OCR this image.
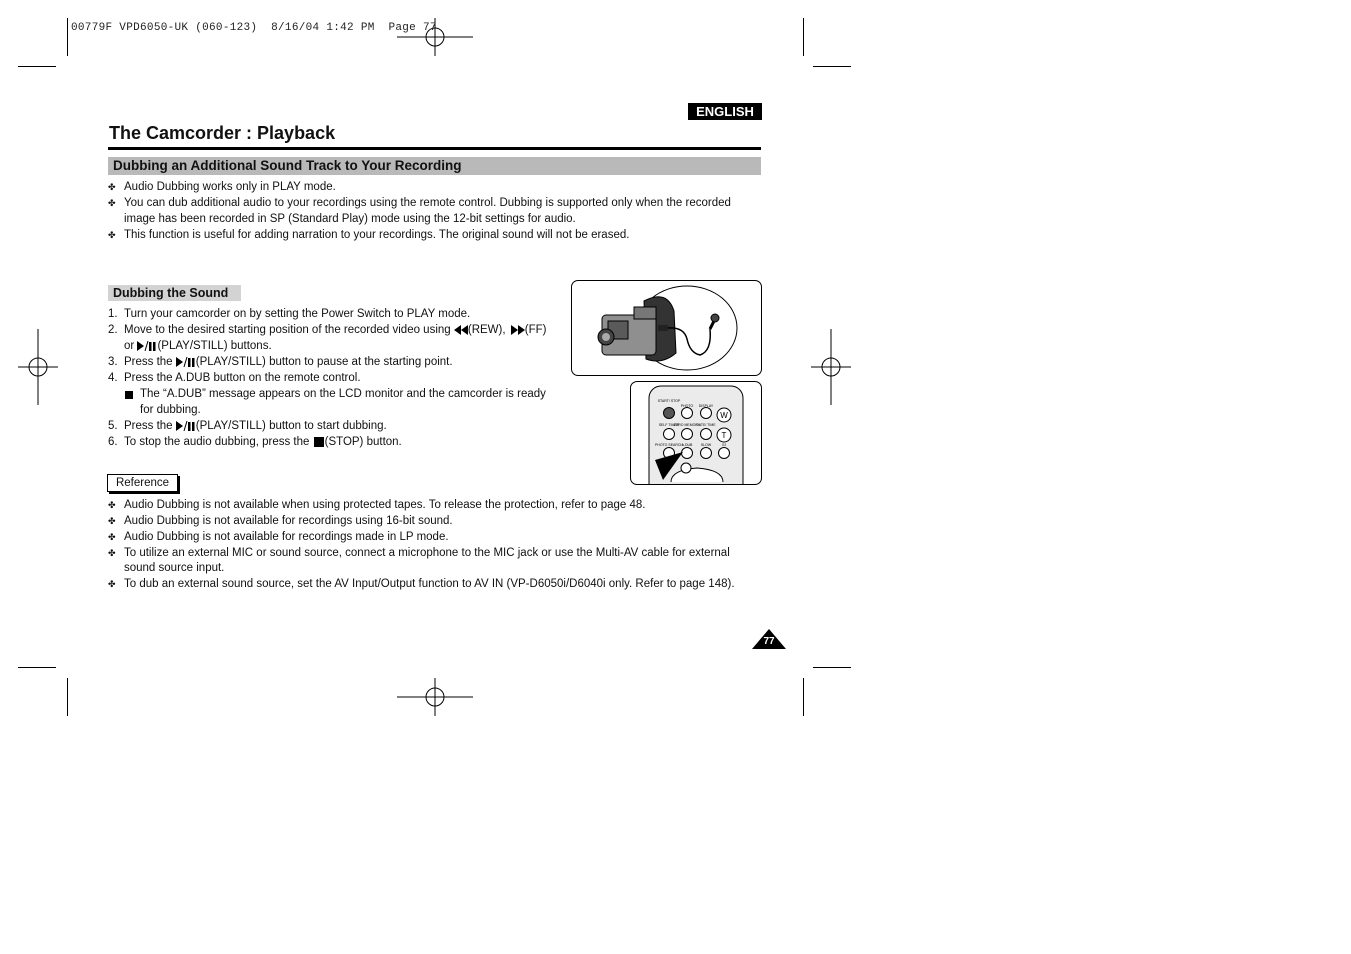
00779F VPD6050-UK (060-123)  8/16/04 1:42 PM  Page 77
ENGLISH
The Camcorder : Playback
Dubbing an Additional Sound Track to Your Recording
✤ Audio Dubbing works only in PLAY mode.
✤ You can dub additional audio to your recordings using the remote control. Dubbing is supported only when the recorded
image has been recorded in SP (Standard Play) mode using the 12-bit settings for audio.
✤ This function is useful for adding narration to your recordings. The original sound will not be erased.
Dubbing the Sound
1. Turn your camcorder on by setting the Power Switch to PLAY mode.
2. Move to the desired starting position of the recorded video using (REW), (FF)
or (PLAY/STILL) buttons.
3. Press the (PLAY/STILL) button to pause at the starting point.
4. Press the A.DUB button on the remote control.
The “A.DUB” message appears on the LCD monitor and the camcorder is ready
for dubbing.
5. Press the (PLAY/STILL) button to start dubbing.
6. To stop the audio dubbing, press the (STOP) button.
START/ STOP
PHOTO DISPLAY
W
SELF TIMER
ZERO MEMORY
DATE/ TIME
T
PHOTO SEARCH
A.DUB SLOW	X2
Reference
✤ Audio Dubbing is not available when using protected tapes. To release the protection, refer to page 48.
✤ Audio Dubbing is not available for recordings using 16-bit sound.
✤ Audio Dubbing is not available for recordings made in LP mode.
✤ To utilize an external MIC or sound source, connect a microphone to the MIC jack or use the Multi-AV cable for external
sound source input.
✤ To dub an external sound source, set the AV Input/Output function to AV IN (VP-D6050i/D6040i only. Refer to page 148).
77
